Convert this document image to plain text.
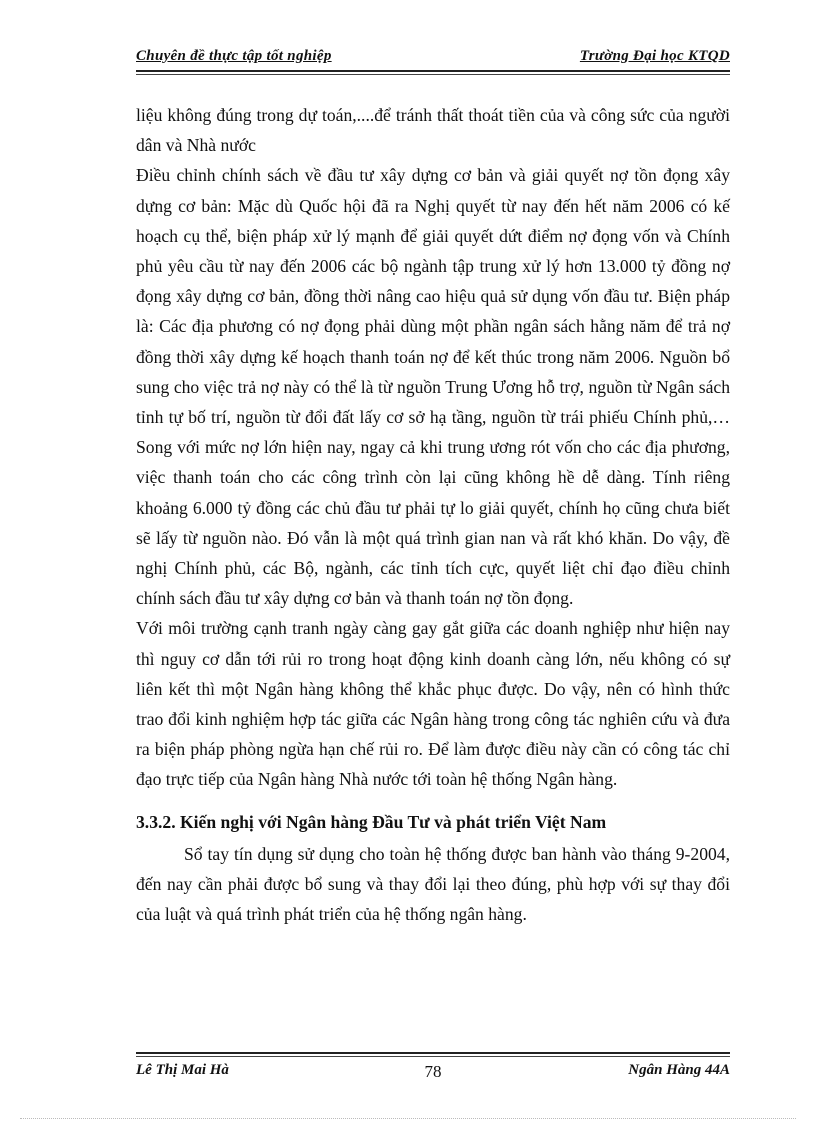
Chuyên đề thực tập tốt nghiệp	Trường Đại học KTQD

liệu không đúng trong dự toán,....để tránh thất thoát tiền của và công sức của người dân và Nhà nước

Điều chỉnh chính sách về đầu tư xây dựng cơ bản và giải quyết nợ tồn đọng xây dựng cơ bản: Mặc dù Quốc hội đã ra Nghị quyết từ nay đến hết năm 2006 có kế hoạch cụ thể, biện pháp xử lý mạnh để giải quyết dứt điểm nợ đọng vốn và Chính phủ yêu cầu từ nay đến 2006 các bộ ngành tập trung xử lý hơn 13.000 tỷ đồng nợ đọng xây dựng cơ bản, đồng thời nâng cao hiệu quả sử dụng vốn đầu tư. Biện pháp là: Các địa phương có nợ đọng phải dùng một phần ngân sách hằng năm để trả nợ đồng thời xây dựng kế hoạch thanh toán nợ để kết thúc trong năm 2006. Nguồn bổ sung cho việc trả nợ này có thể là từ nguồn Trung Ương hỗ trợ, nguồn từ Ngân sách tỉnh tự bố trí, nguồn từ đổi đất lấy cơ sở hạ tầng, nguồn từ trái phiếu Chính phủ,… Song với mức nợ lớn hiện nay, ngay cả khi trung ương rót vốn cho các địa phương, việc thanh toán cho các công trình còn lại cũng không hề dễ dàng. Tính riêng khoảng 6.000 tỷ đồng các chủ đầu tư phải tự lo giải quyết, chính họ cũng chưa biết sẽ lấy từ nguồn nào. Đó vẫn là một quá trình gian nan và rất khó khăn. Do vậy, đề nghị Chính phủ, các Bộ, ngành, các tỉnh tích cực, quyết liệt chỉ đạo điều chỉnh chính sách đầu tư xây dựng cơ bản và thanh toán nợ tồn đọng.

Với môi trường cạnh tranh ngày càng gay gắt giữa các doanh nghiệp như hiện nay thì nguy cơ dẫn tới rủi ro trong hoạt động kinh doanh càng lớn, nếu không có sự liên kết thì một Ngân hàng không thể khắc phục được. Do vậy, nên có hình thức trao đổi kinh nghiệm hợp tác giữa các Ngân hàng trong công tác nghiên cứu và đưa ra biện pháp phòng ngừa hạn chế rủi ro. Để làm được điều này cần có công tác chỉ đạo trực tiếp của Ngân hàng Nhà nước tới toàn hệ thống Ngân hàng.

3.3.2. Kiến nghị với Ngân hàng Đầu Tư và phát triển Việt Nam

Sổ tay tín dụng sử dụng cho toàn hệ thống được ban hành vào tháng 9-2004, đến nay cần phải được bổ sung và thay đổi lại theo đúng, phù hợp với sự thay đổi của luật và quá trình phát triển của hệ thống ngân hàng.

Lê Thị Mai Hà	78	Ngân Hàng 44A
